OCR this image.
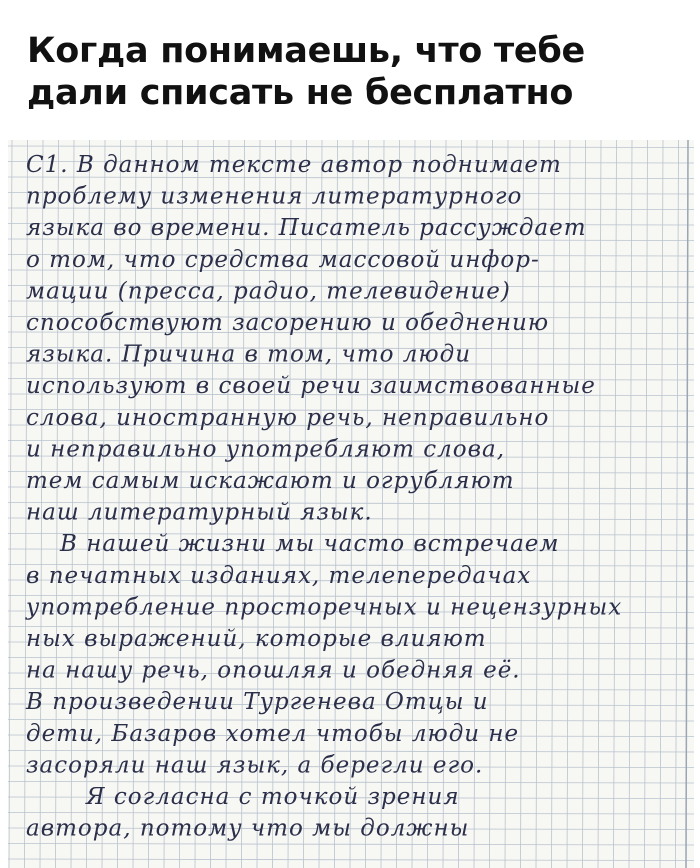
Когда понимаешь, что тебе
дали списать не бесплатно
С1. В данном тексте автор поднимает
проблему изменения литературного
языка во времени. Писатель рассуждает
о том, что средства массовой инфор-
мации (пресса, радио, телевидение)
способствуют засорению и обеднению
языка. Причина в том, что люди
используют в своей речи заимствованные
слова, иностранную речь, неправильно
и неправильно употребляют слова,
тем самым искажают и огрубляют
наш литературный язык.
В нашей жизни мы часто встречаем
в печатных изданиях, телепередачах
употребление просторечных и нецензурных
ных выражений, которые влияют
на нашу речь, опошляя и обедняя её.
В произведении Тургенева Отцы и
дети, Базаров хотел чтобы люди не
засоряли наш язык, а берегли его.
Я согласна с точкой зрения
автора, потому что мы должны
